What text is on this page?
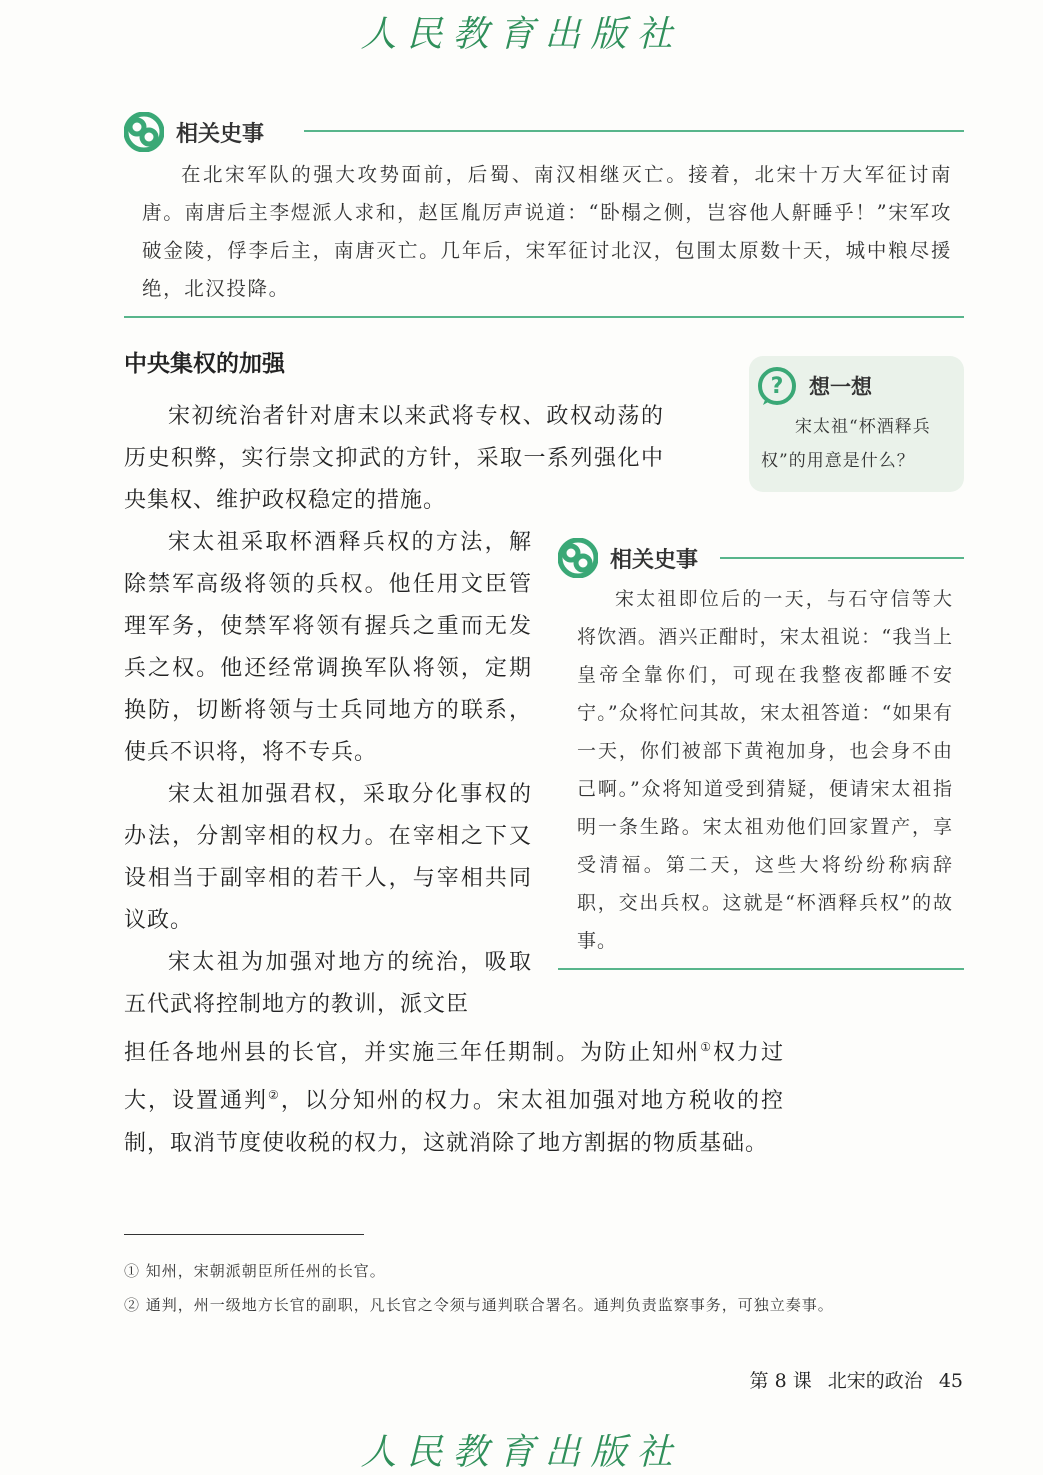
人民教育出版社
相关史事

在北宋军队的强大攻势面前，后蜀、南汉相继灭亡。接着，北宋十万大军征讨南唐。南唐后主李煜派人求和，赵匡胤厉声说道：“卧榻之侧，岂容他人鼾睡乎！”宋军攻破金陵，俘李后主，南唐灭亡。几年后，宋军征讨北汉，包围太原数十天，城中粮尽援绝，北汉投降。

中央集权的加强

宋初统治者针对唐末以来武将专权、政权动荡的历史积弊，实行崇文抑武的方针，采取一系列强化中央集权、维护政权稳定的措施。

宋太祖采取杯酒释兵权的方法，解除禁军高级将领的兵权。他任用文臣管理军务，使禁军将领有握兵之重而无发兵之权。他还经常调换军队将领，定期换防，切断将领与士兵同地方的联系，使兵不识将，将不专兵。

宋太祖加强君权，采取分化事权的办法，分割宰相的权力。在宰相之下又设相当于副宰相的若干人，与宰相共同议政。

宋太祖为加强对地方的统治，吸取五代武将控制地方的教训，派文臣

担任各地州县的长官，并实施三年任期制。为防止知州①权力过大，设置通判②，以分知州的权力。宋太祖加强对地方税收的控制，取消节度使收税的权力，这就消除了地方割据的物质基础。

? 想一想

宋太祖“杯酒释兵权”的用意是什么？

相关史事

宋太祖即位后的一天，与石守信等大将饮酒。酒兴正酣时，宋太祖说：“我当上皇帝全靠你们，可现在我整夜都睡不安宁。”众将忙问其故，宋太祖答道：“如果有一天，你们被部下黄袍加身，也会身不由己啊。”众将知道受到猜疑，便请宋太祖指明一条生路。宋太祖劝他们回家置产，享受清福。第二天，这些大将纷纷称病辞职，交出兵权。这就是“杯酒释兵权”的故事。

① 知州，宋朝派朝臣所任州的长官。

② 通判，州一级地方长官的副职，凡长官之令须与通判联合署名。通判负责监察事务，可独立奏事。

第 8 课 北宋的政治 45
人民教育出版社
